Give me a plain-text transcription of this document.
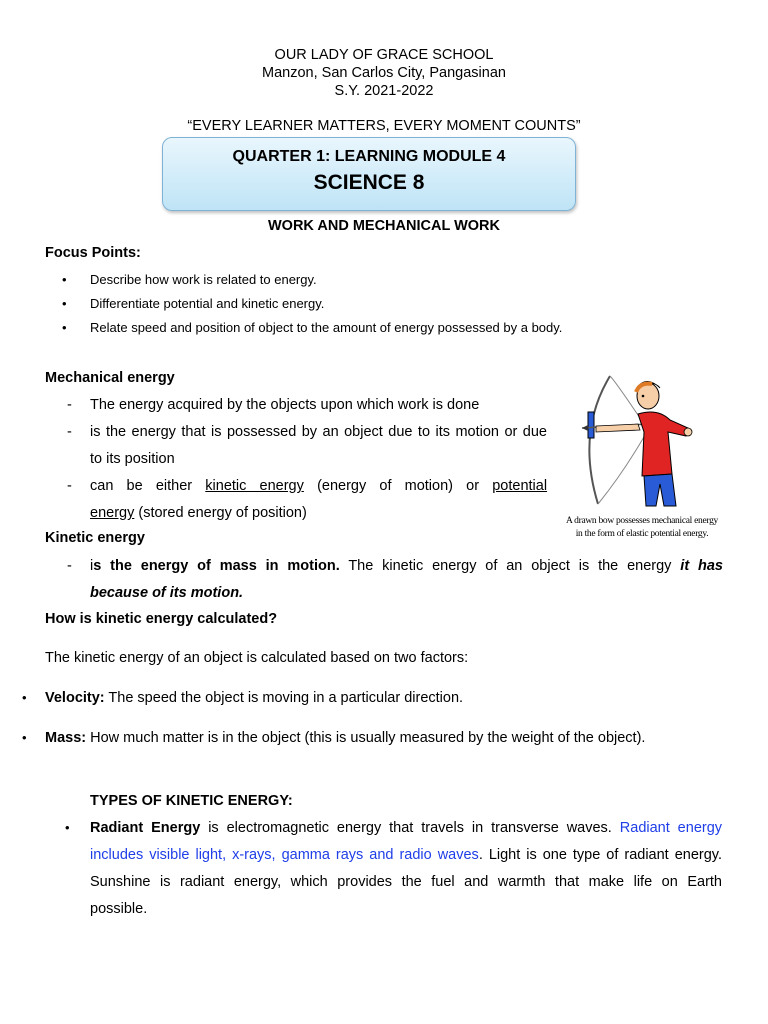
OUR LADY OF GRACE SCHOOL
Manzon, San Carlos City, Pangasinan
S.Y. 2021-2022
“EVERY LEARNER MATTERS, EVERY MOMENT COUNTS”
QUARTER 1: LEARNING MODULE 4
SCIENCE 8
WORK AND MECHANICAL WORK
Focus Points:
• Describe how work is related to energy.
• Differentiate potential and kinetic energy.
• Relate speed and position of object to the amount of energy possessed by a body.
Mechanical energy
- The energy acquired by the objects upon which work is done
- is the energy that is possessed by an object due to its motion or due
to its position
- can be either kinetic energy (energy of motion) or potential
energy (stored energy of position)	A drawn bow possesses mechanical energy
in the form of elastic potential energy.
Kinetic energy
- is the energy of mass in motion. The kinetic energy of an object is the energy it has
because of its motion.
How is kinetic energy calculated?
The kinetic energy of an object is calculated based on two factors:
• Velocity: The speed the object is moving in a particular direction.
• Mass: How much matter is in the object (this is usually measured by the weight of the object).
TYPES OF KINETIC ENERGY:
• Radiant Energy is electromagnetic energy that travels in transverse waves. Radiant energy
includes visible light, x-rays, gamma rays and radio waves. Light is one type of radiant energy.
Sunshine is radiant energy, which provides the fuel and warmth that make life on Earth
possible.
